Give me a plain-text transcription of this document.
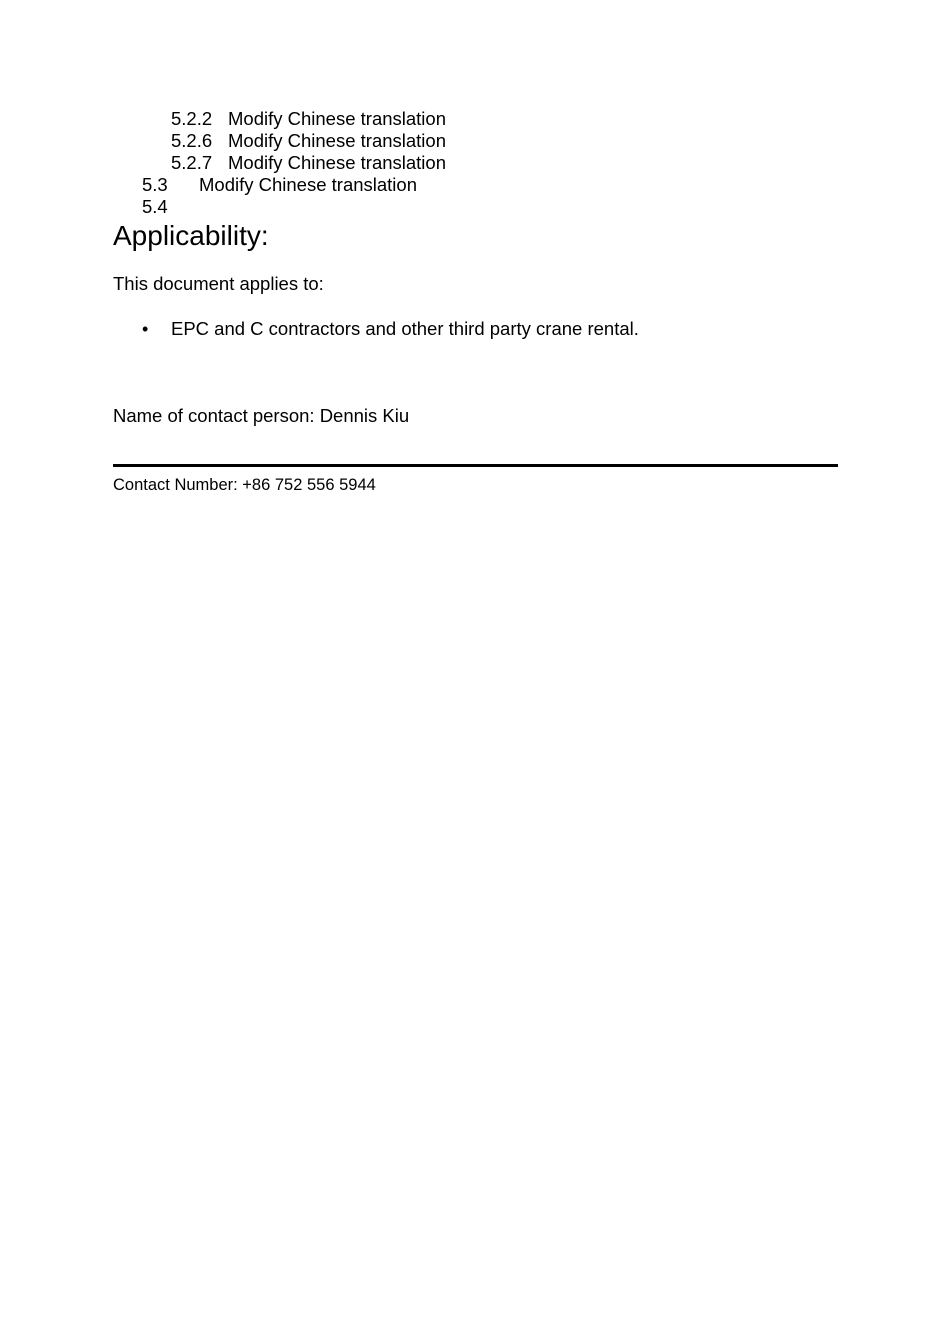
5.2.2 Modify Chinese translation
5.2.6 Modify Chinese translation
5.2.7 Modify Chinese translation
5.3 Modify Chinese translation
5.4
Applicability:
This document applies to:
• EPC and C contractors and other third party crane rental.
Name of contact person: Dennis Kiu
Contact Number: +86 752 556 5944
